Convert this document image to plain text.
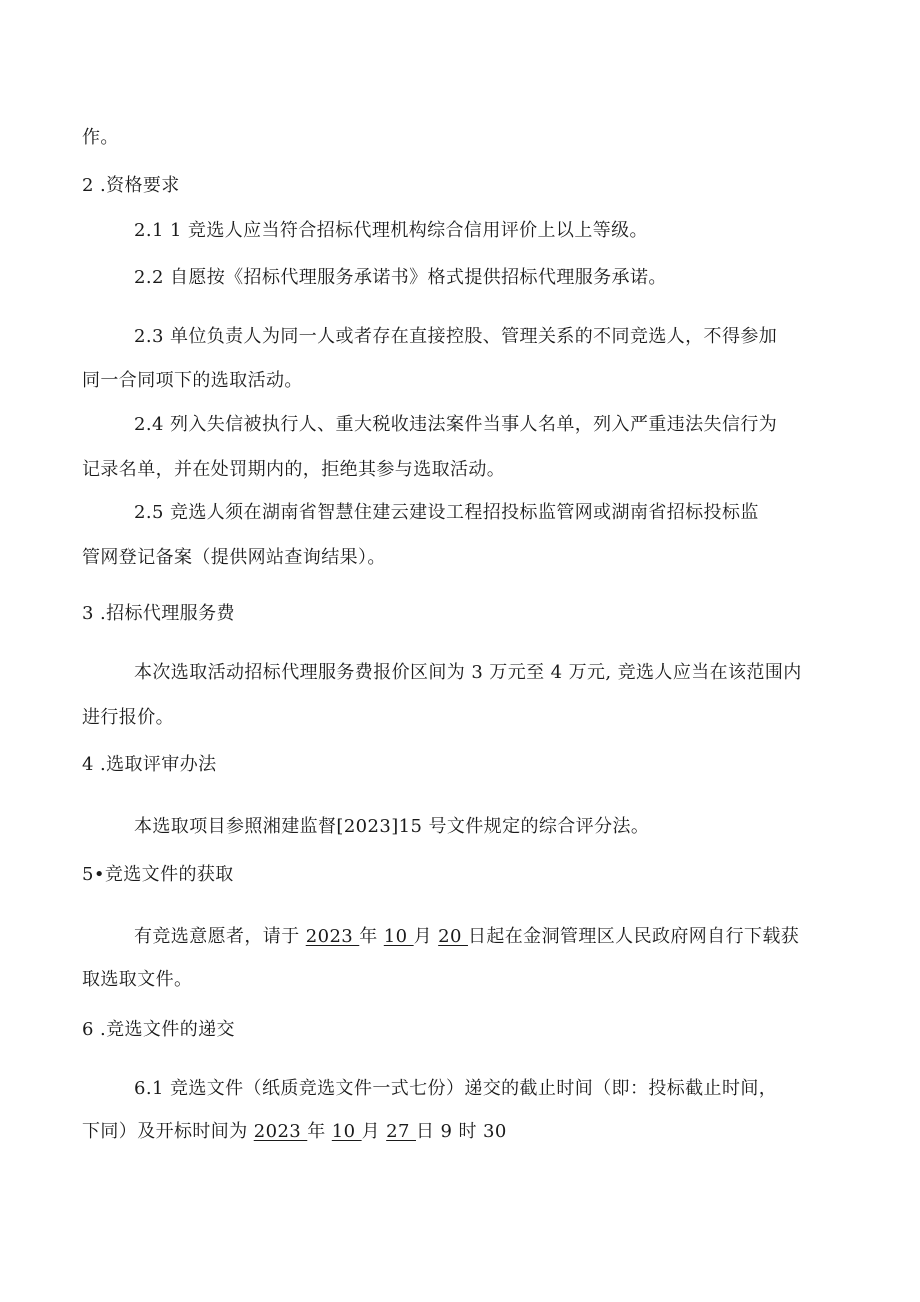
作。
2 .资格要求
2.1 1 竞选人应当符合招标代理机构综合信用评价上以上等级。
2.2 自愿按《招标代理服务承诺书》格式提供招标代理服务承诺。
2.3 单位负责人为同一人或者存在直接控股、管理关系的不同竞选人，不得参加
同一合同项下的选取活动。
2.4 列入失信被执行人、重大税收违法案件当事人名单，列入严重违法失信行为
记录名单，并在处罚期内的，拒绝其参与选取活动。
2.5 竞选人须在湖南省智慧住建云建设工程招投标监管网或湖南省招标投标监
管网登记备案（提供网站查询结果）。
3 .招标代理服务费
本次选取活动招标代理服务费报价区间为 3 万元至 4 万元, 竞选人应当在该范围内
进行报价。
4 .选取评审办法
本选取项目参照湘建监督[2023]15 号文件规定的综合评分法。
5•竞选文件的获取
有竞选意愿者，请于 2023 年 10 月 20 日起在金洞管理区人民政府网自行下载获
取选取文件。
6 .竞选文件的递交
6.1 竞选文件（纸质竞选文件一式七份）递交的截止时间（即：投标截止时间，
下同）及开标时间为 2023 年 10 月 27 日 9 时 30
